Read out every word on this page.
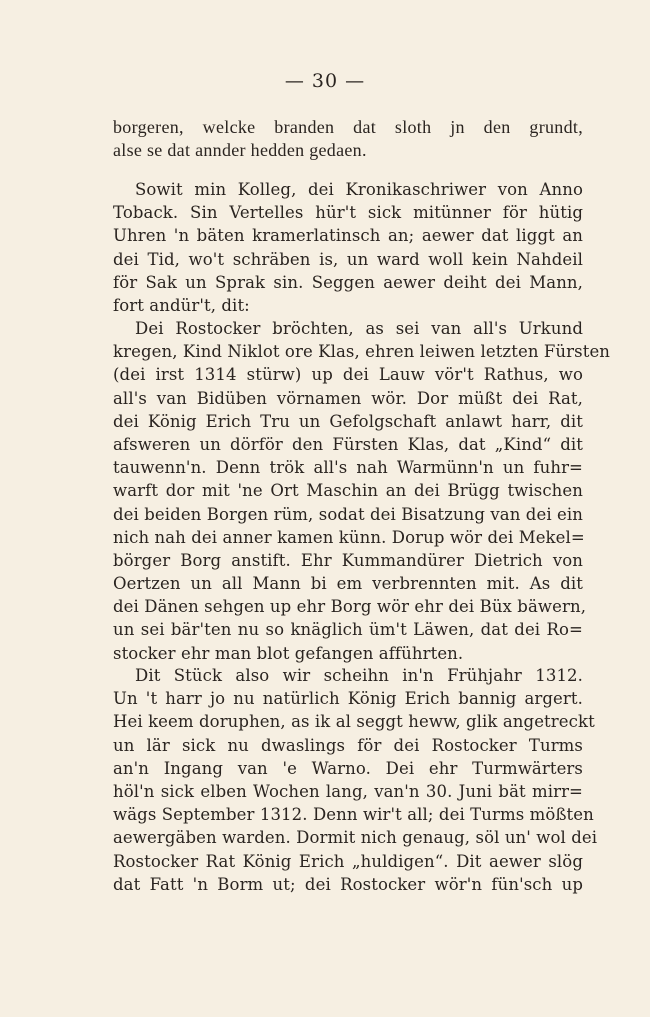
— 30 —
borgeren, welcke branden dat sloth jn den grundt,
alse se dat annder hedden gedaen.
Sowit min Kolleg, dei Kronikaschriwer von Anno
Toback. Sin Vertelles hür't sick mitünner för hütig
Uhren 'n bäten kramerlatinsch an; aewer dat liggt an
dei Tid, wo't schräben is, un ward woll kein Nahdeil
för Sak un Sprak sin. Seggen aewer deiht dei Mann,
fort andür't, dit:
Dei Rostocker bröchten, as sei van all's Urkund
kregen, Kind Niklot ore Klas, ehren leiwen letzten Fürsten
(dei irst 1314 stürw) up dei Lauw vör't Rathus, wo
all's van Bidüben vörnamen wör. Dor müßt dei Rat,
dei König Erich Tru un Gefolgschaft anlawt harr, dit
afsweren un dörför den Fürsten Klas, dat „Kind“ dit
tauwenn'n. Denn trök all's nah Warmünn'n un fuhr=
warft dor mit 'ne Ort Maschin an dei Brügg twischen
dei beiden Borgen rüm, sodat dei Bisatzung van dei ein
nich nah dei anner kamen künn. Dorup wör dei Mekel=
börger Borg anstift. Ehr Kummandürer Dietrich von
Oertzen un all Mann bi em verbrennten mit. As dit
dei Dänen sehgen up ehr Borg wör ehr dei Büx bäwern,
un sei bär'ten nu so knäglich üm't Läwen, dat dei Ro=
stocker ehr man blot gefangen afführten.
Dit Stück also wir scheihn in'n Frühjahr 1312.
Un 't harr jo nu natürlich König Erich bannig argert.
Hei keem doruphen, as ik al seggt heww, glik angetreckt
un lär sick nu dwaslings för dei Rostocker Turms
an'n Ingang van 'e Warno. Dei ehr Turmwärters
höl'n sick elben Wochen lang, van'n 30. Juni bät mirr=
wägs September 1312. Denn wir't all; dei Turms mößten
aewergäben warden. Dormit nich genaug, söl un' wol dei
Rostocker Rat König Erich „huldigen“. Dit aewer slög
dat Fatt 'n Borm ut; dei Rostocker wör'n fün'sch up
